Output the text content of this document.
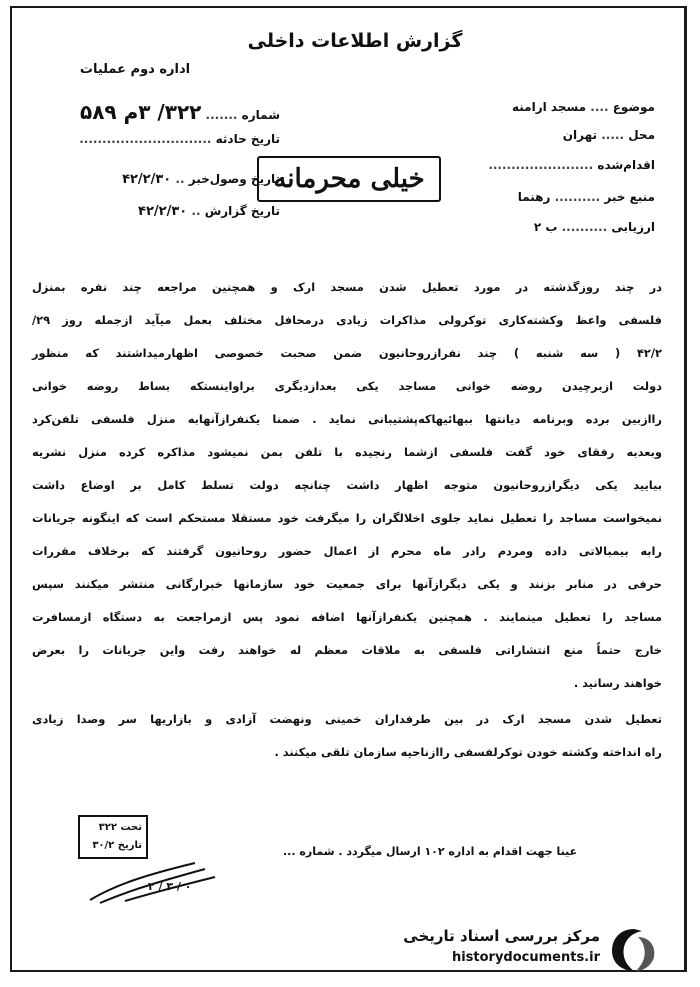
گزارش اطلاعات داخلی
اداره دوم عملیات
شماره ....... ۳۲۲/ ۳م ۵۸۹
تاریخ حادثه .............................
تاریخ وصول‌خبر .. ۴۲/۲/۳۰
تاریخ گزارش .. ۴۲/۲/۳۰
خیلی محرمانه
موضوع .... مسجد ارامنه
محل ..... تهران
اقدام‌شده .......................
منبع خبر .......... رهنما
ارزیابی .......... ب ۲
در چند روزگذشته در مورد تعطیل شدن مسجد ارک و همچنین مراجعه چند نفره بمنزل
فلسفی واعظ وکشته‌کاری توکرولی مذاکرات زیادی درمحافل مختلف بعمل میآید ازجمله روز ۲۹/
۴۲/۲ ( سه شنبه ) چند نفرازروحانیون ضمن صحبت خصوصی اظهارمیداشتند که منظور
دولت ازبرچیدن روضه خوانی مساجد یکی بعدازدیگری براواینستکه بساط روضه خوانی
راازبین برده وبرنامه دیانتها ببهائیهاکه‌پشتیبانی نماید . ضمنا یکنفرازآنهابه منزل فلسفی تلفن‌کرد
وبعدبه رفقای خود گفت فلسفی ازشما رنجیده با تلفن بمن نمیشود مذاکره کرده منزل نشریه
بیایید یکی دیگرازروحانیون متوجه اظهار داشت چنانچه دولت تسلط کامل بر اوضاع داشت
نمیخواست مساجد را تعطیل نماید جلوی اخلالگران را میگرفت خود مستقلا مستحکم است که اینگونه جریانات
رابه بیمبالاتی داده ومردم رادر ماه محرم از اعمال حضور روحانیون گرفتند که برخلاف مقررات
حرفی در منابر بزنند و یکی دیگرازآنها برای جمعیت خود سازمانها خبرارگانی منتشر میکنند سپس
مساجد را تعطیل مینمایند . همچنین یکنفرازآنها اضافه نمود پس ازمراجعت به دستگاه ازمسافرت
خارج حتماً منع انتشاراتی فلسفی به ملاقات معظم له خواهند رفت واین جریانات را بعرض
خواهند رسانید .
تعطیل شدن مسجد ارک در بین طرفداران خمینی ونهضت آزادی و بازاریها سر وصدا زیادی
راه انداخته وکشته خودن توکرلفسفی راازناحیه سازمان تلقی میکنند .
تحت ۳۲۲
تاریخ ۳۰/۲	عینا جهت اقدام به اداره ۱۰۲ ارسال میگردد . شماره ...
۲ / ۳ / ۰
مرکز بررسی اسناد تاریخی
historydocuments.ir
